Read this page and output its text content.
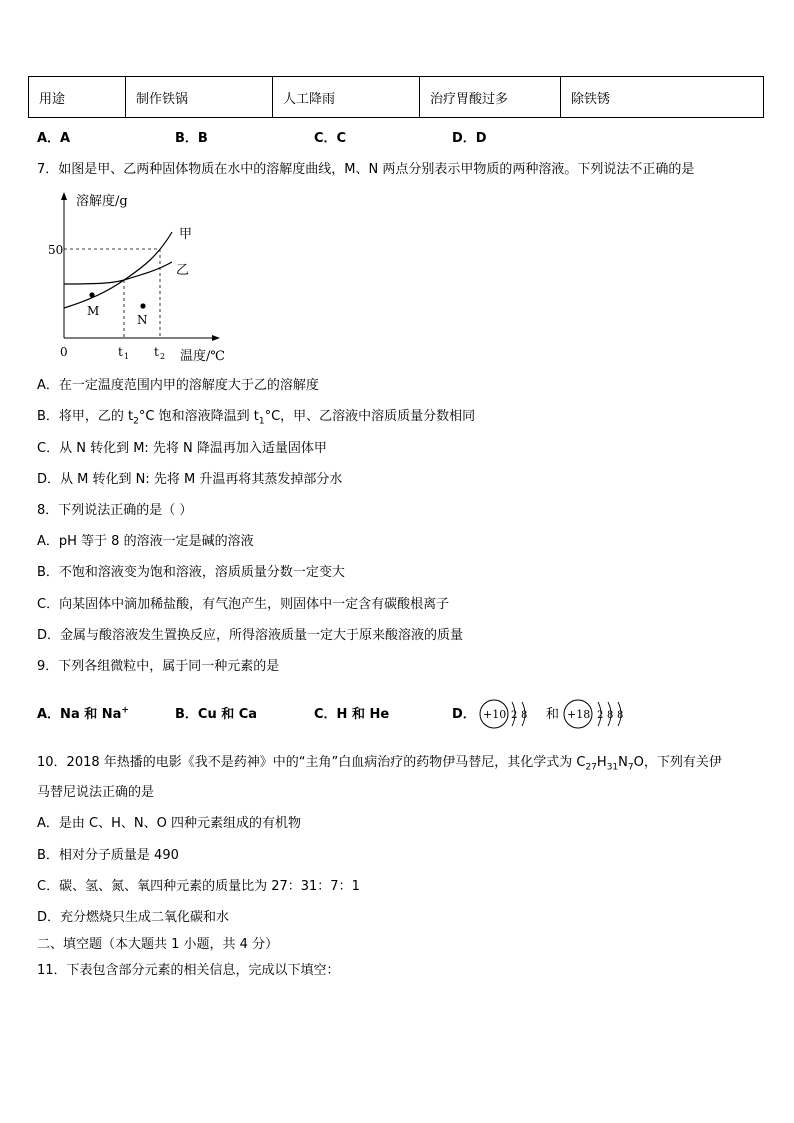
用途	制作铁锅	人工降雨	治疗胃酸过多	除铁锈
A．A	B．B	C．C	D．D
7．如图是甲、乙两种固体物质在水中的溶解度曲线，M、N 两点分别表示甲物质的两种溶液。下列说法不正确的是
溶解度/g
温度/℃
0
50
t 1 t 2
甲
乙
M
N
A．在一定温度范围内甲的溶解度大于乙的溶解度
B．将甲，乙的 $t_2^\circ C$ 饱和溶液降温到 $t_1^\circ C$，甲、乙溶液中溶质质量分数相同
C．从 N 转化到 M: 先将 N 降温再加入适量固体甲
D．从 M 转化到 N: 先将 M 升温再将其蒸发掉部分水
8．下列说法正确的是（ ）
A．pH 等于 8 的溶液一定是碱的溶液
B．不饱和溶液变为饱和溶液，溶质质量分数一定变大
C．向某固体中滴加稀盐酸，有气泡产生，则固体中一定含有碳酸根离子
D．金属与酸溶液发生置换反应，所得溶液质量一定大于原来酸溶液的质量
9．下列各组微粒中，属于同一种元素的是
A．Na 和 Na+	B．Cu 和 Ca	C．H 和 He	D． +10 2 8 和 +18 2 8 8
10．2018 年热播的电影《我不是药神》中的“主角”白血病治疗的药物伊马替尼，其化学式为 $C_{27}H_{31}N_7O$，下列有关伊
马替尼说法正确的是
A．是由 C、H、N、O 四种元素组成的有机物
B．相对分子质量是 490
C．碳、氢、氮、氧四种元素的质量比为 27：31：7：1
D．充分燃烧只生成二氧化碳和水
二、填空题（本大题共 1 小题，共 4 分）
11．下表包含部分元素的相关信息，完成以下填空：
